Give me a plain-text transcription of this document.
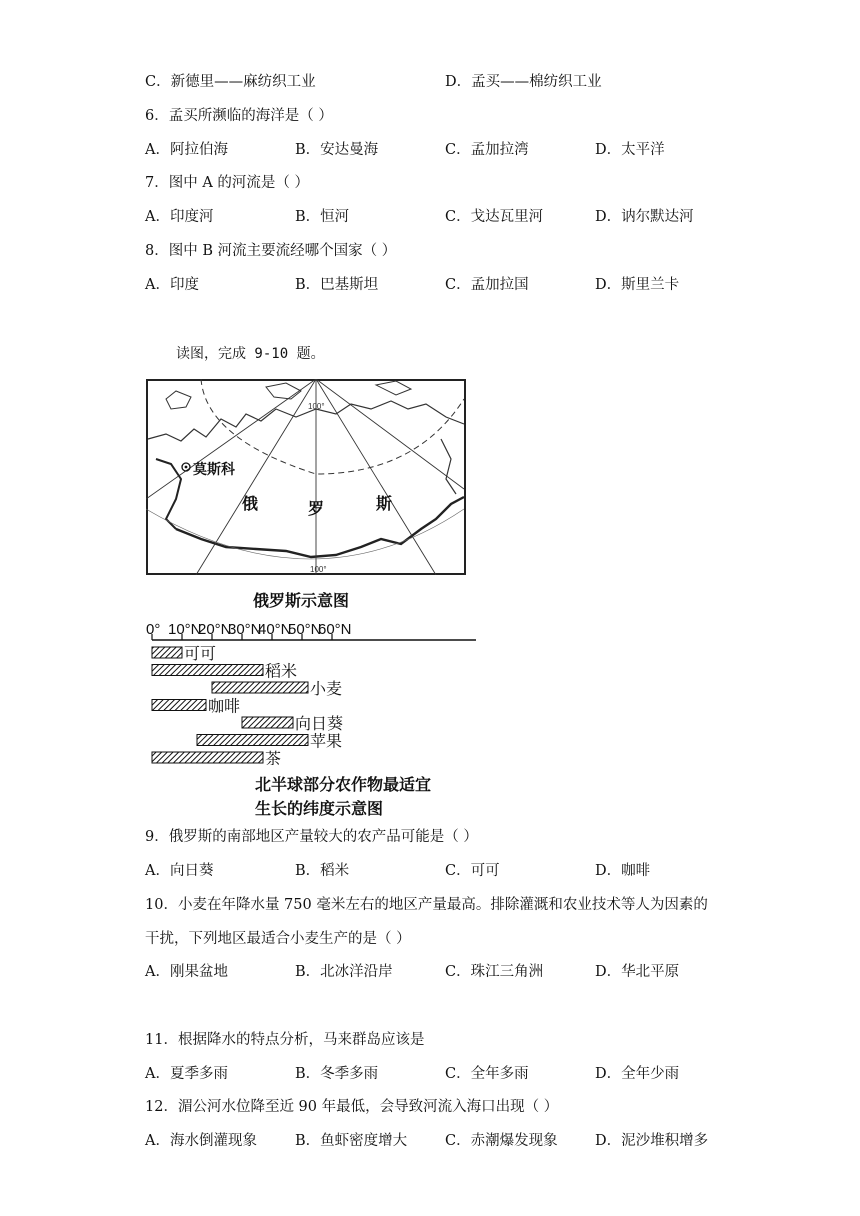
C．新德里——麻纺织工业	D．孟买——棉纺织工业
6．孟买所濒临的海洋是（ ）
A．阿拉伯海	B．安达曼海	C．孟加拉湾	D．太平洋
7．图中 A 的河流是（ ）
A．印度河	B．恒河	C．戈达瓦里河	D．讷尔默达河
8．图中 B 河流主要流经哪个国家（ ）
A．印度	B．巴基斯坦	C．孟加拉国	D．斯里兰卡
读图，完成 9-10 题。
莫斯科
俄	罗	斯
100°
100°
俄罗斯示意图
0° 10°N
20°N
30°N
40°N
50°N
60°N
可可
稻米
小麦
咖啡
向日葵
苹果
茶
北半球部分农作物最适宜
生长的纬度示意图
9．俄罗斯的南部地区产量较大的农产品可能是（ ）
A．向日葵	B．稻米	C．可可	D．咖啡
10．小麦在年降水量 750 毫米左右的地区产量最高。排除灌溉和农业技术等人为因素的
干扰，下列地区最适合小麦生产的是（ ）
A．刚果盆地	B．北冰洋沿岸	C．珠江三角洲	D．华北平原
11．根据降水的特点分析，马来群岛应该是
A．夏季多雨	B．冬季多雨	C．全年多雨	D．全年少雨
12．湄公河水位降至近 90 年最低，会导致河流入海口出现（ ）
A．海水倒灌现象	B．鱼虾密度增大	C．赤潮爆发现象	D．泥沙堆积增多
